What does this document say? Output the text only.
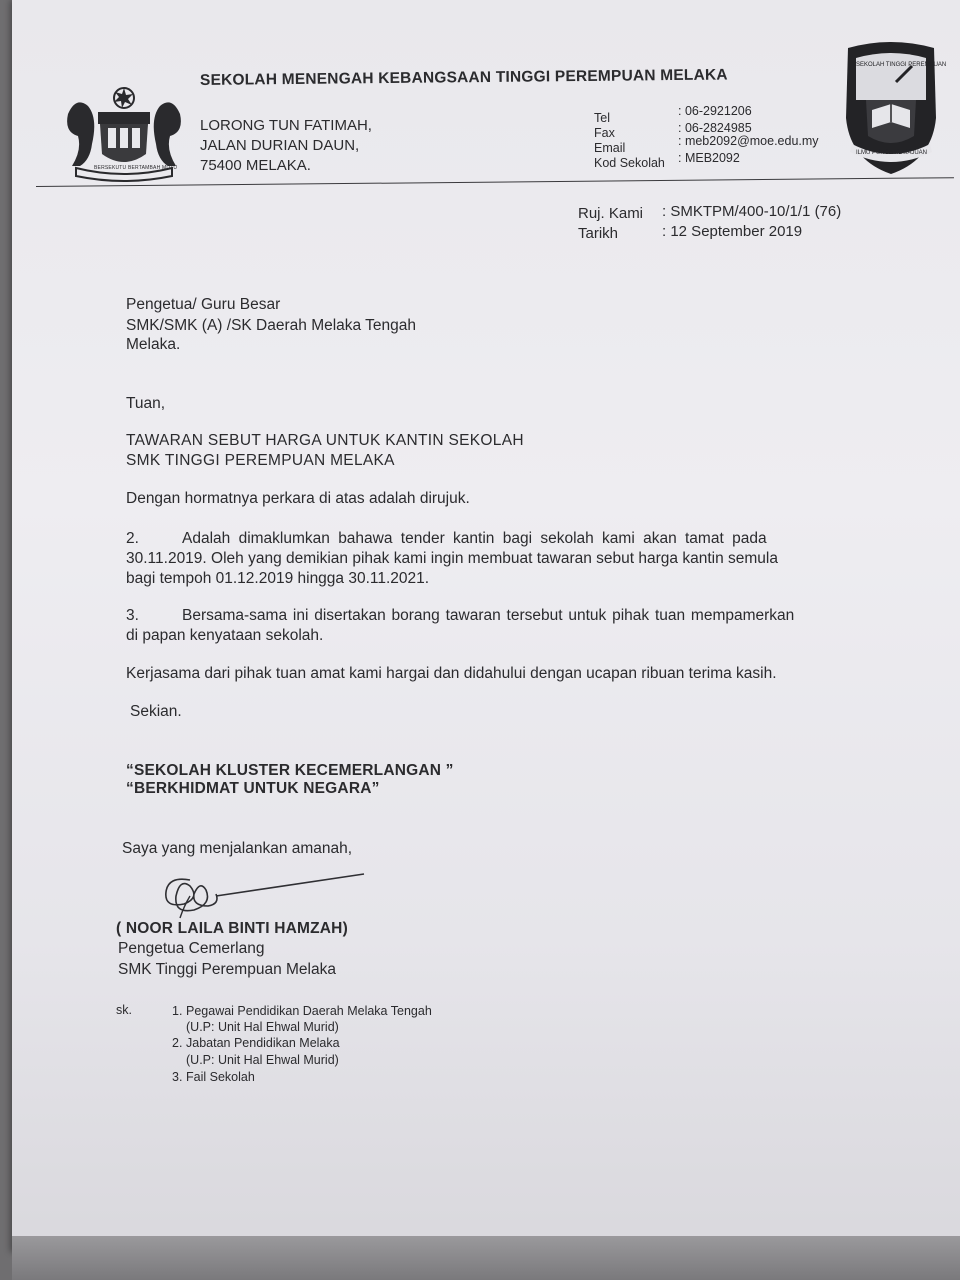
BERSEKUTU BERTAMBAH MUTU
SEKOLAH MENENGAH KEBANGSAAN TINGGI PEREMPUAN MELAKA
LORONG TUN FATIMAH,
JALAN DURIAN DAUN,
75400 MELAKA.
Tel	: 06-2921206
Fax	: 06-2824985
Email	: meb2092@moe.edu.my
Kod Sekolah : MEB2092
SEKOLAH TINGGI PEREMPUAN
ILMU PUNCA KEMAJUAN
Ruj. Kami : SMKTPM/400-10/1/1 (76)
Tarikh	: 12 September 2019
Pengetua/ Guru Besar
SMK/SMK (A) /SK Daerah Melaka Tengah
Melaka.
Tuan,
TAWARAN SEBUT HARGA UNTUK KANTIN SEKOLAH
SMK TINGGI PEREMPUAN MELAKA
Dengan hormatnya perkara di atas adalah dirujuk.
2.	Adalah dimaklumkan bahawa tender kantin bagi sekolah kami akan tamat pada
30.11.2019. Oleh yang demikian pihak kami ingin membuat tawaran sebut harga kantin semula
bagi tempoh 01.12.2019 hingga 30.11.2021.
3.	Bersama-sama ini disertakan borang tawaran tersebut untuk pihak tuan mempamerkan
di papan kenyataan sekolah.
Kerjasama dari pihak tuan amat kami hargai dan didahului dengan ucapan ribuan terima kasih.
Sekian.
“SEKOLAH KLUSTER KECEMERLANGAN ”
“BERKHIDMAT UNTUK NEGARA”
Saya yang menjalankan amanah,
( NOOR LAILA BINTI HAMZAH)
Pengetua Cemerlang
SMK Tinggi Perempuan Melaka
sk.	1. Pegawai Pendidikan Daerah Melaka Tengah
(U.P: Unit Hal Ehwal Murid)
2. Jabatan Pendidikan Melaka
(U.P: Unit Hal Ehwal Murid)
3. Fail Sekolah
